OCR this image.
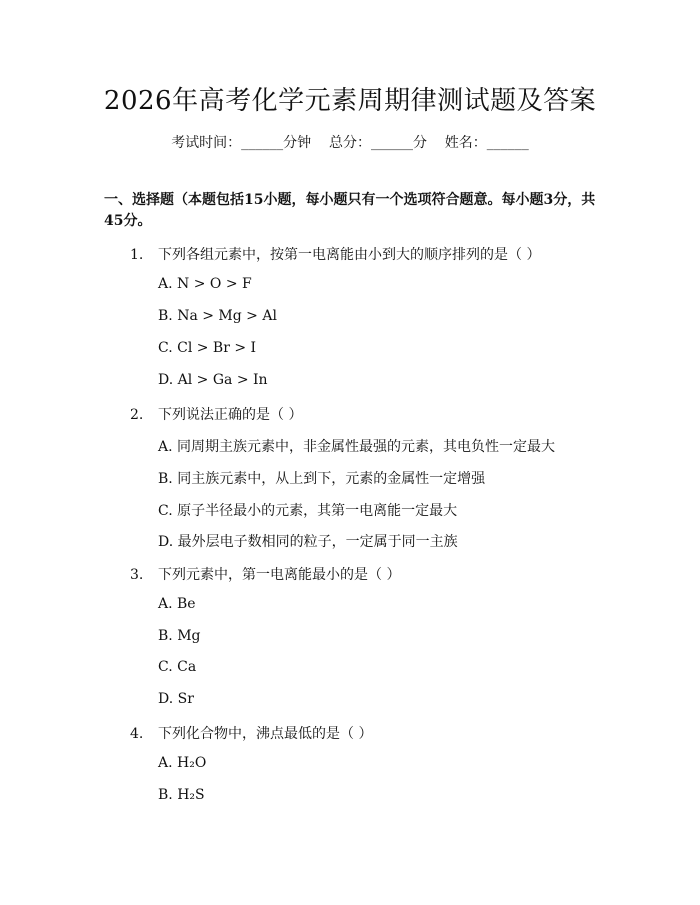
2026年高考化学元素周期律测试题及答案
考试时间：______分钟    总分：______分    姓名：______
一、选择题（本题包括15小题，每小题只有一个选项符合题意。每小题3分，共45分。
1. 下列各组元素中，按第一电离能由小到大的顺序排列的是（ ）
A. N > O > F
B. Na > Mg > Al
C. Cl > Br > I
D. Al > Ga > In
2. 下列说法正确的是（ ）
A. 同周期主族元素中，非金属性最强的元素，其电负性一定最大
B. 同主族元素中，从上到下，元素的金属性一定增强
C. 原子半径最小的元素，其第一电离能一定最大
D. 最外层电子数相同的粒子，一定属于同一主族
3. 下列元素中，第一电离能最小的是（ ）
A. Be
B. Mg
C. Ca
D. Sr
4. 下列化合物中，沸点最低的是（ ）
A. H₂O
B. H₂S
